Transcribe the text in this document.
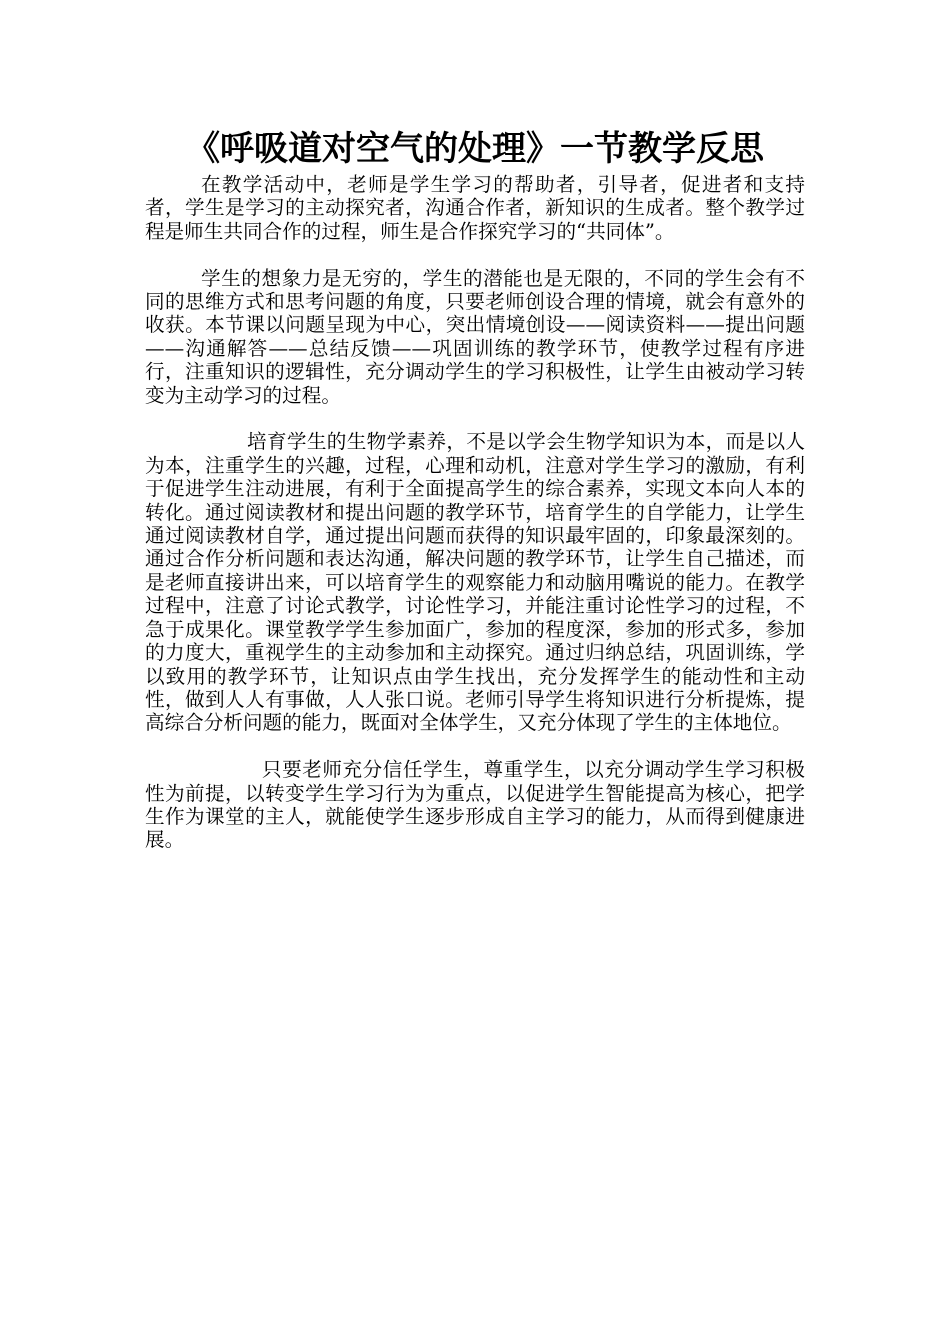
《呼吸道对空气的处理》一节教学反思

在教学活动中，老师是学生学习的帮助者，引导者，促进者和支持者，学生是学习的主动探究者，沟通合作者，新知识的生成者。整个教学过程是师生共同合作的过程，师生是合作探究学习的“共同体”。

学生的想象力是无穷的，学生的潜能也是无限的，不同的学生会有不同的思维方式和思考问题的角度，只要老师创设合理的情境，就会有意外的收获。本节课以问题呈现为中心，突出情境创设——阅读资料——提出问题——沟通解答——总结反馈——巩固训练的教学环节，使教学过程有序进行，注重知识的逻辑性，充分调动学生的学习积极性，让学生由被动学习转变为主动学习的过程。

培育学生的生物学素养，不是以学会生物学知识为本，而是以人为本，注重学生的兴趣，过程，心理和动机，注意对学生学习的激励，有利于促进学生注动进展，有利于全面提高学生的综合素养，实现文本向人本的转化。通过阅读教材和提出问题的教学环节，培育学生的自学能力，让学生通过阅读教材自学，通过提出问题而获得的知识最牢固的，印象最深刻的。通过合作分析问题和表达沟通，解决问题的教学环节，让学生自己描述，而是老师直接讲出来，可以培育学生的观察能力和动脑用嘴说的能力。在教学过程中，注意了讨论式教学，讨论性学习，并能注重讨论性学习的过程，不急于成果化。课堂教学学生参加面广，参加的程度深，参加的形式多，参加的力度大，重视学生的主动参加和主动探究。通过归纳总结，巩固训练，学以致用的教学环节，让知识点由学生找出，充分发挥学生的能动性和主动性，做到人人有事做，人人张口说。老师引导学生将知识进行分析提炼，提高综合分析问题的能力，既面对全体学生，又充分体现了学生的主体地位。

只要老师充分信任学生，尊重学生，以充分调动学生学习积极性为前提，以转变学生学习行为为重点，以促进学生智能提高为核心，把学生作为课堂的主人，就能使学生逐步形成自主学习的能力，从而得到健康进展。
